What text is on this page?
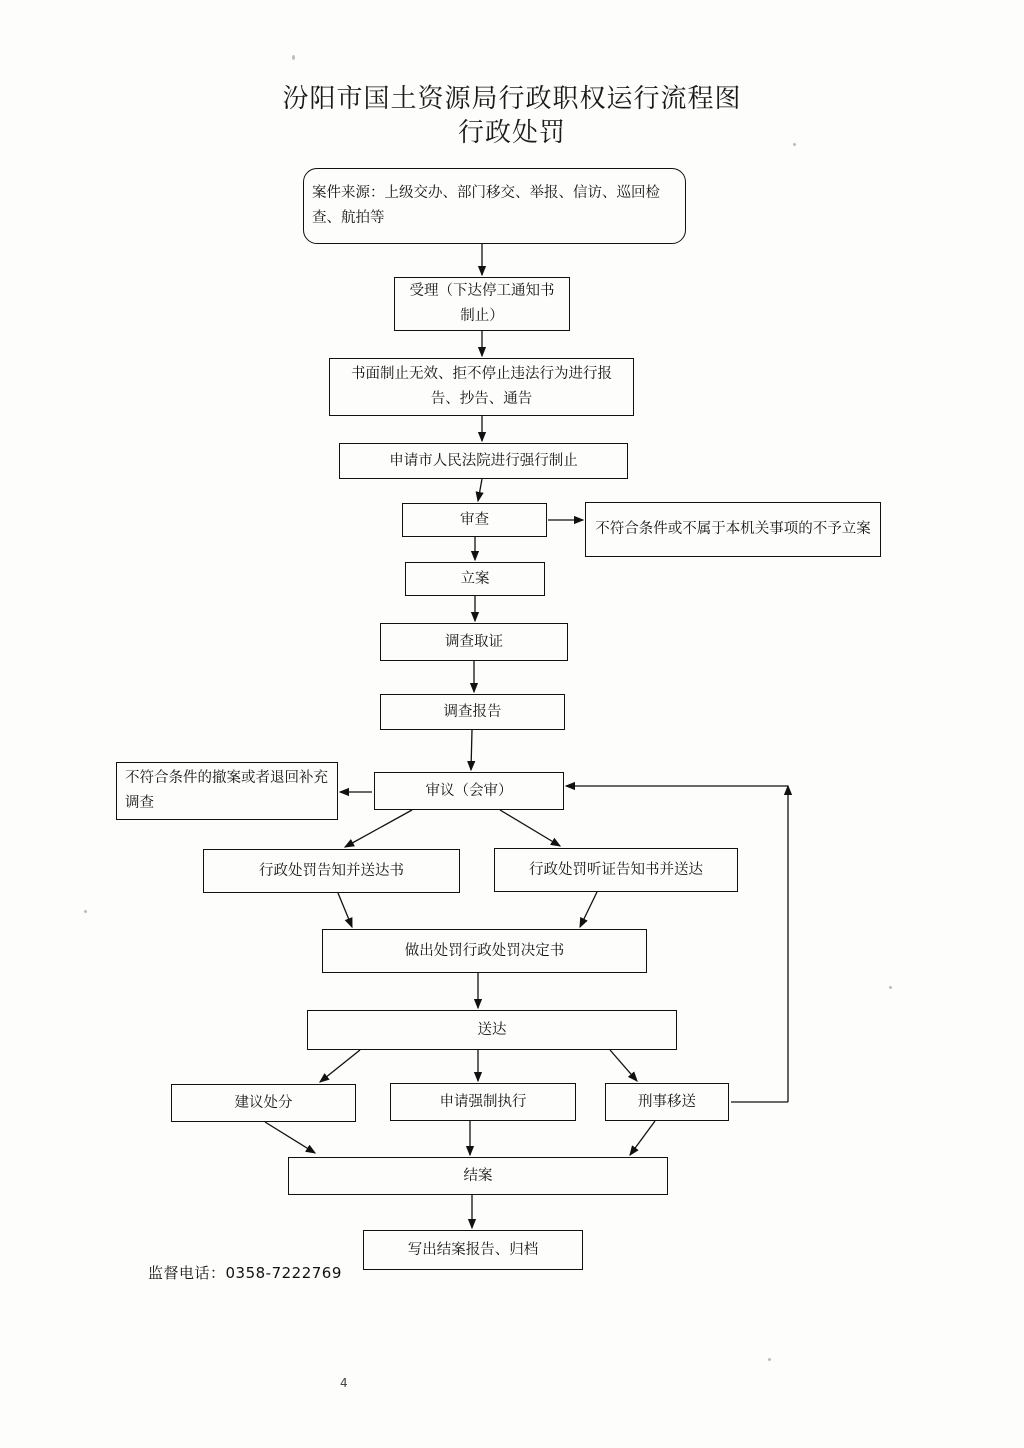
汾阳市国土资源局行政职权运行流程图
行政处罚
案件来源：上级交办、部门移交、举报、信访、巡回检查、航拍等
受理（下达停工通知书制止）
书面制止无效、拒不停止违法行为进行报告、抄告、通告
申请市人民法院进行强行制止
审查
不符合条件或不属于本机关事项的不予立案
立案
调查取证
调查报告
审议（会审）
不符合条件的撤案或者退回补充调查
行政处罚告知并送达书	行政处罚听证告知书并送达
做出处罚行政处罚决定书
送达
建议处分	申请强制执行	刑事移送
结案
写出结案报告、归档
监督电话：0358-7222769
4
